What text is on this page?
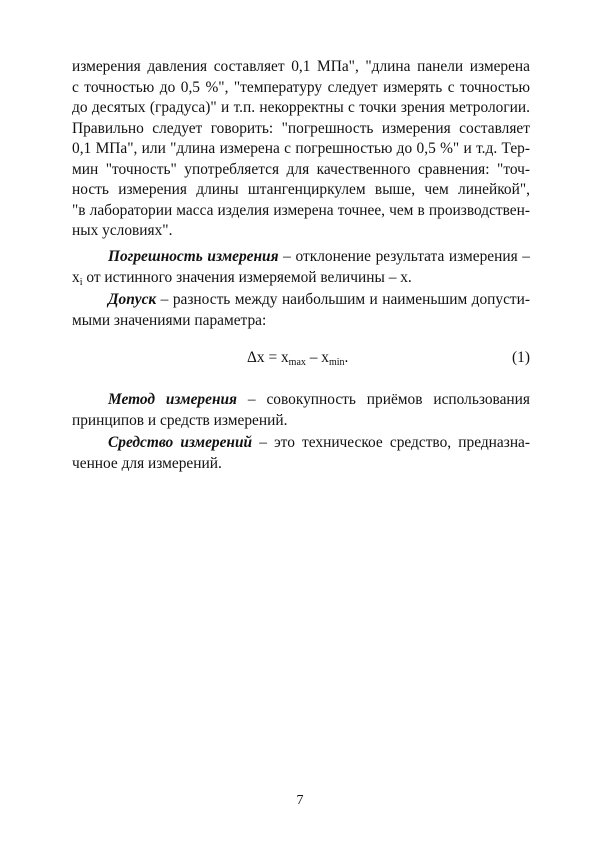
измерения давления составляет 0,1 МПа", "длина панели измерена
с точностью до 0,5 %", "температуру следует измерять с точностью
до десятых (градуса)" и т.п. некорректны с точки зрения метрологии.
Правильно следует говорить: "погрешность измерения составляет
0,1 МПа", или "длина измерена с погрешностью до 0,5 %" и т.д. Тер-
мин "точность" употребляется для качественного сравнения: "точ-
ность измерения длины штангенциркулем выше, чем линейкой",
"в лаборатории масса изделия измерена точнее, чем в производствен-
ных условиях".
Погрешность измерения – отклонение результата измерения –
$x_i$ от истинного значения измеряемой величины – x.
Допуск – разность между наибольшим и наименьшим допусти-
мыми значениями параметра:
$\Delta x = x_{max} - x_{min}$.	(1)
Метод измерения – совокупность приёмов использования
принципов и средств измерений.
Средство измерений – это техническое средство, предназна-
ченное для измерений.
7
